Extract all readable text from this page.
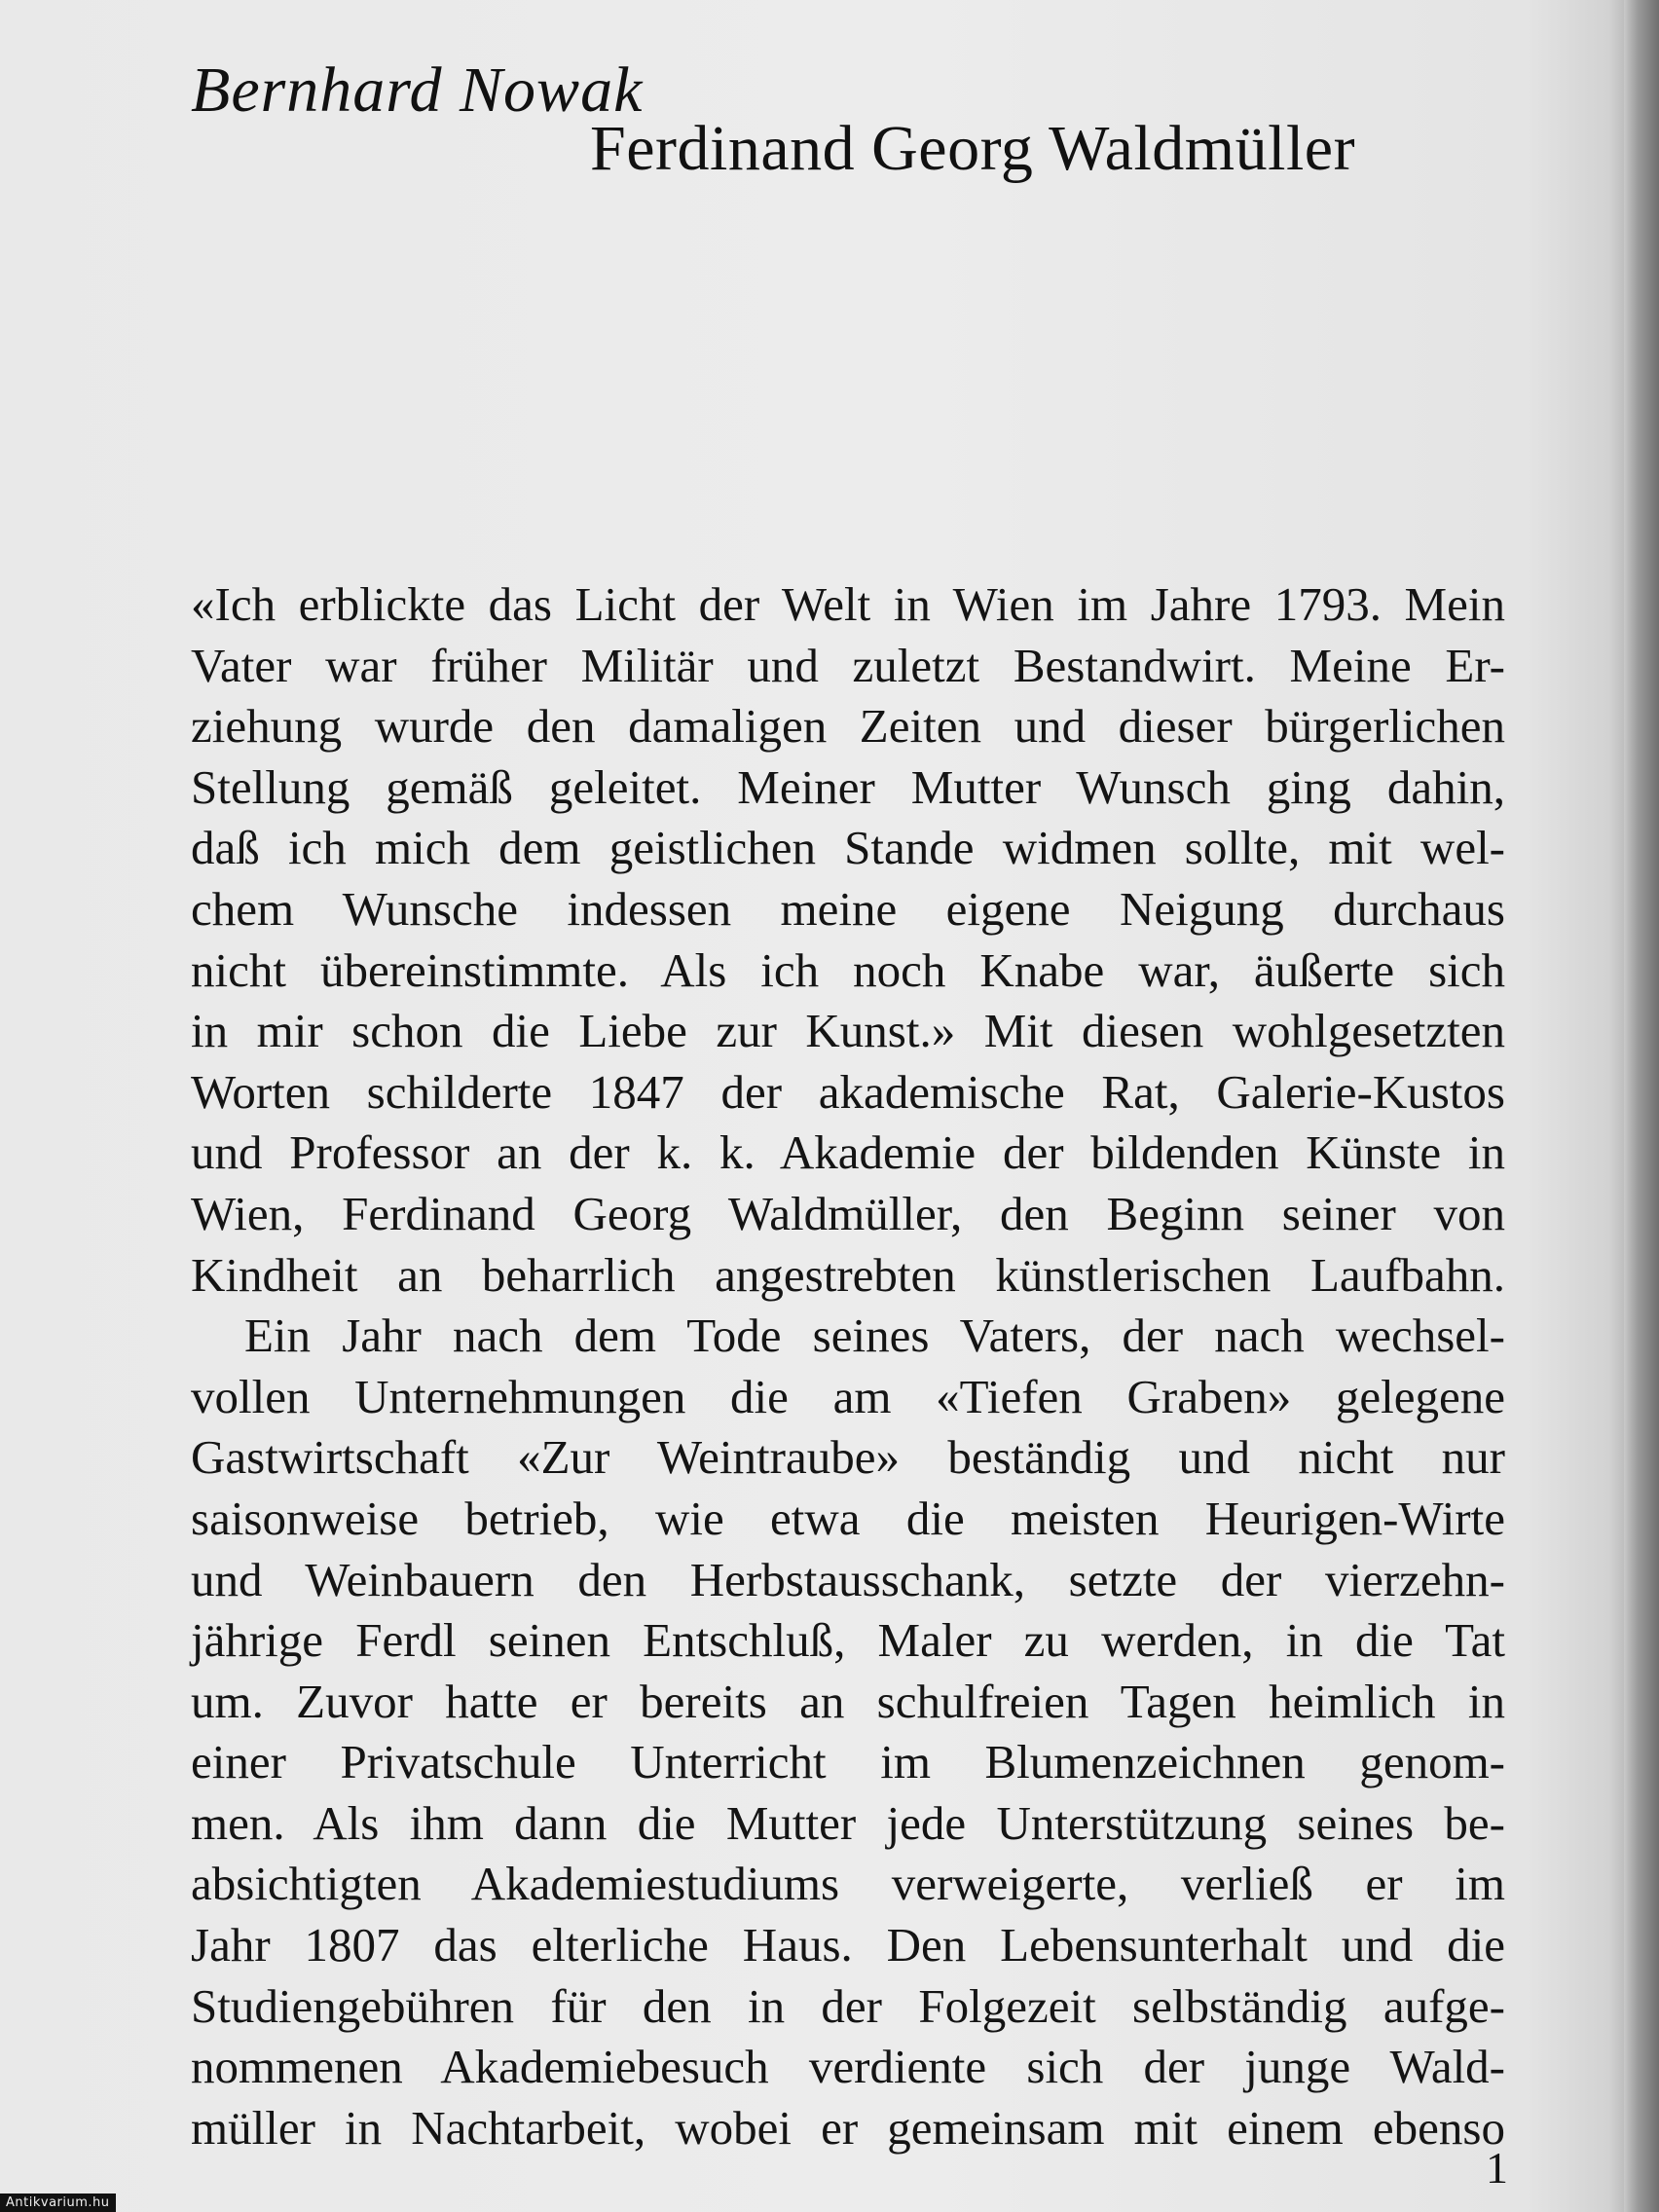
Bernhard Nowak
Ferdinand Georg Waldmüller
«Ich erblickte das Licht der Welt in Wien im Jahre 1793. Mein
Vater war früher Militär und zuletzt Bestandwirt. Meine Er-
ziehung wurde den damaligen Zeiten und dieser bürgerlichen
Stellung gemäß geleitet. Meiner Mutter Wunsch ging dahin,
daß ich mich dem geistlichen Stande widmen sollte, mit wel-
chem Wunsche indessen meine eigene Neigung durchaus
nicht übereinstimmte. Als ich noch Knabe war, äußerte sich
in mir schon die Liebe zur Kunst.» Mit diesen wohlgesetzten
Worten schilderte 1847 der akademische Rat, Galerie-Kustos
und Professor an der k. k. Akademie der bildenden Künste in
Wien, Ferdinand Georg Waldmüller, den Beginn seiner von
Kindheit an beharrlich angestrebten künstlerischen Laufbahn.
Ein Jahr nach dem Tode seines Vaters, der nach wechsel-
vollen Unternehmungen die am «Tiefen Graben» gelegene
Gastwirtschaft «Zur Weintraube» beständig und nicht nur
saisonweise betrieb, wie etwa die meisten Heurigen-Wirte
und Weinbauern den Herbstausschank, setzte der vierzehn-
jährige Ferdl seinen Entschluß, Maler zu werden, in die Tat
um. Zuvor hatte er bereits an schulfreien Tagen heimlich in
einer Privatschule Unterricht im Blumenzeichnen genom-
men. Als ihm dann die Mutter jede Unterstützung seines be-
absichtigten Akademiestudiums verweigerte, verließ er im
Jahr 1807 das elterliche Haus. Den Lebensunterhalt und die
Studiengebühren für den in der Folgezeit selbständig aufge-
nommenen Akademiebesuch verdiente sich der junge Wald-
müller in Nachtarbeit, wobei er gemeinsam mit einem ebenso
1
Antikvarium.hu
